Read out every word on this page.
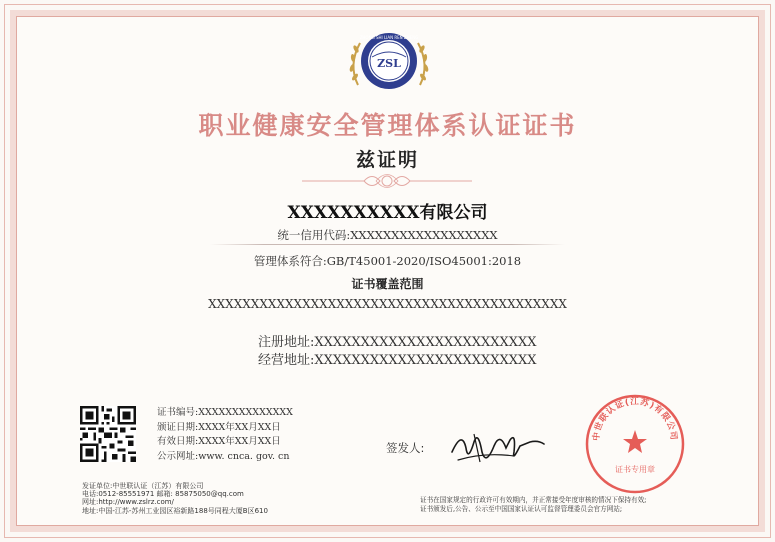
ZHONG SHI LIAN REN ZHENG
ZSL
职业健康安全管理体系认证证书
兹证明
XXXXXXXXXX有限公司
统一信用代码:XXXXXXXXXXXXXXXXXX
管理体系符合:GB/T45001-2020/ISO45001:2018
证书覆盖范围
XXXXXXXXXXXXXXXXXXXXXXXXXXXXXXXXXXXXXXXXXX
注册地址:XXXXXXXXXXXXXXXXXXXXXXXX
经营地址:XXXXXXXXXXXXXXXXXXXXXXXX
证书编号:XXXXXXXXXXXXXX
颁证日期:XXXX年XX月XX日
有效日期:XXXX年XX月XX日
公示网址:www. cnca. gov. cn
签发人:
中世联认证(江苏)有限公司
证书专用章
发证单位:中世联认证（江苏）有限公司
电话:0512-85551971 邮箱: 85875050@qq.com
网址:http://www.zslrz.com/
地址:中国-江苏-苏州工业园区裕新路188号同程大厦B区610
证书在国家规定的行政许可有效期内，并正常接受年度审核的情况下保持有效;
证书颁发后,公告、公示至中国国家认证认可监督管理委员会官方网站;
